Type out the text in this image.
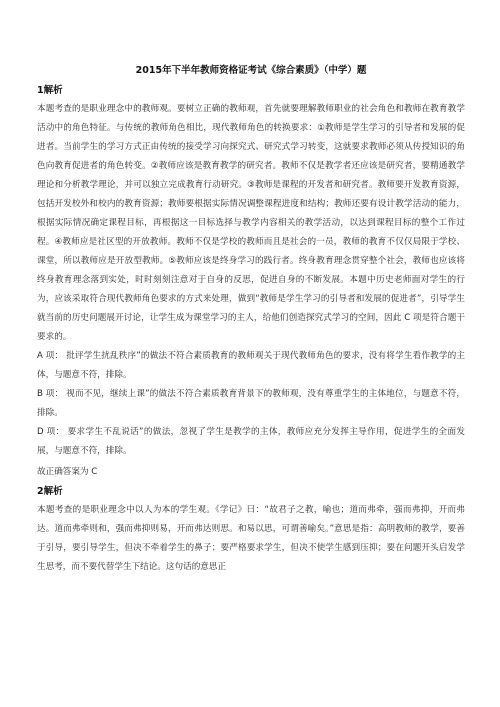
2015年下半年教师资格证考试《综合素质》（中学）题
1解析

本题考查的是职业理念中的教师观。要树立正确的教师观，首先就要理解教师职业的社会角色和教师在教育教学活动中的角色特征。与传统的教师角色相比，现代教师角色的转换要求：①教师是学生学习的引导者和发展的促进者。当前学生的学习方式正由传统的接受学习向探究式、研究式学习转变，这就要求教师必须从传授知识的角色向教育促进者的角色转变。②教师应该是教育教学的研究者。教师不仅是教学者还应该是研究者，要精通教学理论和分析教学理论，并可以独立完成教育行动研究。③教师是课程的开发者和研究者。教师要开发教育资源，包括开发校外和校内的教育资源；教师要根据实际情况调整课程进度和结构；教师还要有设计教学活动的能力，根据实际情况确定课程目标，再根据这一目标选择与教学内容相关的教学活动，以达到课程目标的整个工作过程。④教师应是社区型的开放教师。教师不仅是学校的教师而且是社会的一员，教师的教育不仅仅局限于学校、课堂，所以教师应是开放型教师。⑤教师应该是终身学习的践行者。终身教育理念贯穿整个社会，教师也应该将终身教育理念落到实处，时时刻刻注意对于自身的反思，促进自身的不断发展。本题中历史老师面对学生的行为，应该采取符合现代教师角色要求的方式来处理，做到“教师是学生学习的引导者和发展的促进者”，引导学生就当前的历史问题展开讨论，让学生成为课堂学习的主人，给他们创造探究式学习的空间，因此 C 项是符合题干要求的。

A 项： 批评学生扰乱秩序”的做法不符合素质教育的教师观关于现代教师角色的要求，没有将学生看作教学的主体，与题意不符，排除。

B 项： 视而不见，继续上课”的做法不符合素质教育背景下的教师观，没有尊重学生的主体地位，与题意不符，排除。

D 项： 要求学生不乱说话”的做法，忽视了学生是教学的主体，教师应充分发挥主导作用，促进学生的全面发展，与题意不符，排除。

故正确答案为 C
2解析

本题考查的是职业理念中以人为本的学生观。《学记》曰：“故君子之教，喻也；道而弗牵，强而弗抑，开而弗达。道而弗牵则和，强而弗抑则易，开而弗达则思。和易以思，可谓善喻矣。”意思是指：高明教师的教学，要善于引导，要引导学生，但决不牵着学生的鼻子；要严格要求学生，但决不使学生感到压抑；要在问题开头启发学生思考，而不要代替学生下结论。这句话的意思正
